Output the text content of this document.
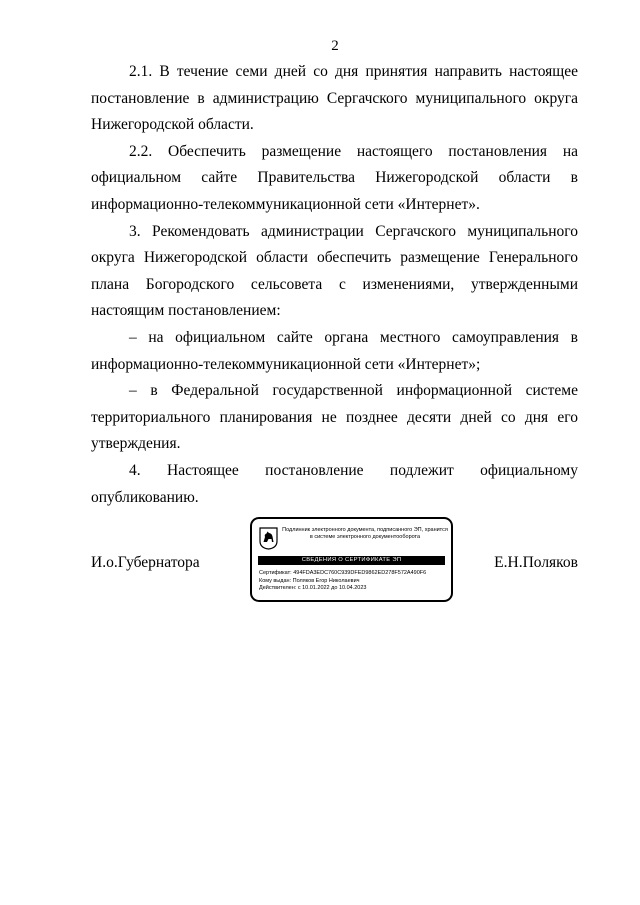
2

2.1. В течение семи дней со дня принятия направить настоящее постановление в администрацию Сергачского муниципального округа Нижегородской области.

2.2. Обеспечить размещение настоящего постановления на официальном сайте Правительства Нижегородской области в информационно-телекоммуникационной сети «Интернет».

3. Рекомендовать администрации Сергачского муниципального округа Нижегородской области обеспечить размещение Генерального плана Богородского сельсовета с изменениями, утвержденными настоящим постановлением:

– на официальном сайте органа местного самоуправления в информационно-телекоммуникационной сети «Интернет»;

– в Федеральной государственной информационной системе территориального планирования не позднее десяти дней со дня его утверждения.

4. Настоящее постановление подлежит официальному опубликованию.

И.о.Губернатора
Подлинник электронного документа, подписанного ЭП, хранится в системе электронного документооборота
СВЕДЕНИЯ О СЕРТИФИКАТЕ ЭП
Сертификат: 494FDA3EDC760C939DFED9862ED278F572A490F6
Кому выдан: Поляков Егор Николаевич
Действителен: с 10.01.2022 до 10.04.2023
Е.Н.Поляков
